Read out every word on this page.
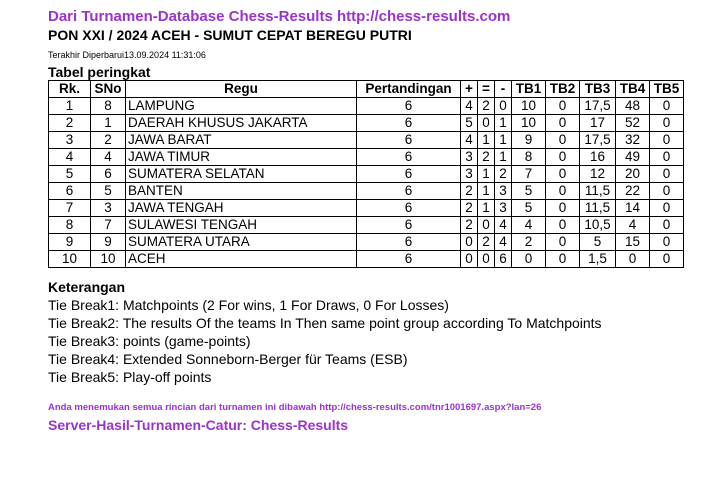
Dari Turnamen-Database Chess-Results http://chess-results.com
PON XXI / 2024 ACEH - SUMUT CEPAT BEREGU PUTRI
Terakhir Diperbarui13.09.2024 11:31:06
Tabel peringkat
Rk.	SNo	Regu	Pertandingan	+	=	-	TB1	TB2	TB3	TB4	TB5
1	8	LAMPUNG	6	4	2	0	10	0	17,5	48	0
2	1	DAERAH KHUSUS JAKARTA	6	5	0	1	10	0	17	52	0
3	2	JAWA BARAT	6	4	1	1	9	0	17,5	32	0
4	4	JAWA TIMUR	6	3	2	1	8	0	16	49	0
5	6	SUMATERA SELATAN	6	3	1	2	7	0	12	20	0
6	5	BANTEN	6	2	1	3	5	0	11,5	22	0
7	3	JAWA TENGAH	6	2	1	3	5	0	11,5	14	0
8	7	SULAWESI TENGAH	6	2	0	4	4	0	10,5	4	0
9	9	SUMATERA UTARA	6	0	2	4	2	0	5	15	0
10	10	ACEH	6	0	0	6	0	0	1,5	0	0
Keterangan
Tie Break1: Matchpoints (2 For wins, 1 For Draws, 0 For Losses)
Tie Break2: The results Of the teams In Then same point group according To Matchpoints
Tie Break3: points (game-points)
Tie Break4: Extended Sonneborn-Berger für Teams (ESB)
Tie Break5: Play-off points
Anda menemukan semua rincian dari turnamen ini dibawah http://chess-results.com/tnr1001697.aspx?lan=26
Server-Hasil-Turnamen-Catur: Chess-Results
